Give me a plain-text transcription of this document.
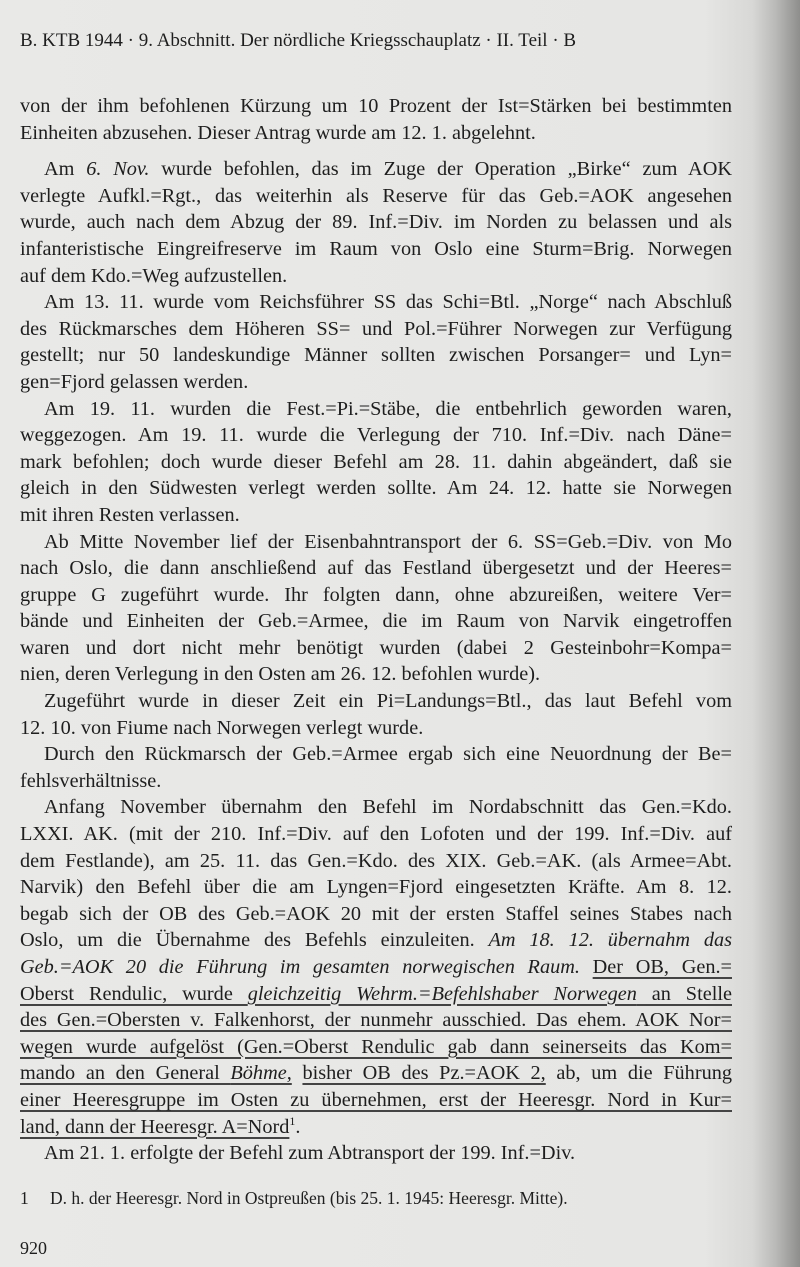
B. KTB 1944 · 9. Abschnitt. Der nördliche Kriegsschauplatz · II. Teil · B
von der ihm befohlenen Kürzung um 10 Prozent der Ist=Stärken bei bestimmten
Einheiten abzusehen. Dieser Antrag wurde am 12. 1. abgelehnt.
Am 6. Nov. wurde befohlen, das im Zuge der Operation „Birke“ zum AOK
verlegte Aufkl.=Rgt., das weiterhin als Reserve für das Geb.=AOK angesehen
wurde, auch nach dem Abzug der 89. Inf.=Div. im Norden zu belassen und als
infanteristische Eingreifreserve im Raum von Oslo eine Sturm=Brig. Norwegen
auf dem Kdo.=Weg aufzustellen.
Am 13. 11. wurde vom Reichsführer SS das Schi=Btl. „Norge“ nach Abschluß
des Rückmarsches dem Höheren SS= und Pol.=Führer Norwegen zur Verfügung
gestellt; nur 50 landeskundige Männer sollten zwischen Porsanger= und Lyn=
gen=Fjord gelassen werden.
Am 19. 11. wurden die Fest.=Pi.=Stäbe, die entbehrlich geworden waren,
weggezogen. Am 19. 11. wurde die Verlegung der 710. Inf.=Div. nach Däne=
mark befohlen; doch wurde dieser Befehl am 28. 11. dahin abgeändert, daß sie
gleich in den Südwesten verlegt werden sollte. Am 24. 12. hatte sie Norwegen
mit ihren Resten verlassen.
Ab Mitte November lief der Eisenbahntransport der 6. SS=Geb.=Div. von Mo
nach Oslo, die dann anschließend auf das Festland übergesetzt und der Heeres=
gruppe G zugeführt wurde. Ihr folgten dann, ohne abzureißen, weitere Ver=
bände und Einheiten der Geb.=Armee, die im Raum von Narvik eingetroffen
waren und dort nicht mehr benötigt wurden (dabei 2 Gesteinbohr=Kompa=
nien, deren Verlegung in den Osten am 26. 12. befohlen wurde).
Zugeführt wurde in dieser Zeit ein Pi=Landungs=Btl., das laut Befehl vom
12. 10. von Fiume nach Norwegen verlegt wurde.
Durch den Rückmarsch der Geb.=Armee ergab sich eine Neuordnung der Be=
fehlsverhältnisse.
Anfang November übernahm den Befehl im Nordabschnitt das Gen.=Kdo.
LXXI. AK. (mit der 210. Inf.=Div. auf den Lofoten und der 199. Inf.=Div. auf
dem Festlande), am 25. 11. das Gen.=Kdo. des XIX. Geb.=AK. (als Armee=Abt.
Narvik) den Befehl über die am Lyngen=Fjord eingesetzten Kräfte. Am 8. 12.
begab sich der OB des Geb.=AOK 20 mit der ersten Staffel seines Stabes nach
Oslo, um die Übernahme des Befehls einzuleiten. Am 18. 12. übernahm das
Geb.=AOK 20 die Führung im gesamten norwegischen Raum. Der OB, Gen.=
Oberst Rendulic, wurde gleichzeitig Wehrm.=Befehlshaber Norwegen an Stelle
des Gen.=Obersten v. Falkenhorst, der nunmehr ausschied. Das ehem. AOK Nor=
wegen wurde aufgelöst (Gen.=Oberst Rendulic gab dann seinerseits das Kom=
mando an den General Böhme, bisher OB des Pz.=AOK 2, ab, um die Führung
einer Heeresgruppe im Osten zu übernehmen, erst der Heeresgr. Nord in Kur=
land, dann der Heeresgr. A=Nord$^1$.
Am 21. 1. erfolgte der Befehl zum Abtransport der 199. Inf.=Div.
1 D. h. der Heeresgr. Nord in Ostpreußen (bis 25. 1. 1945: Heeresgr. Mitte).
920
